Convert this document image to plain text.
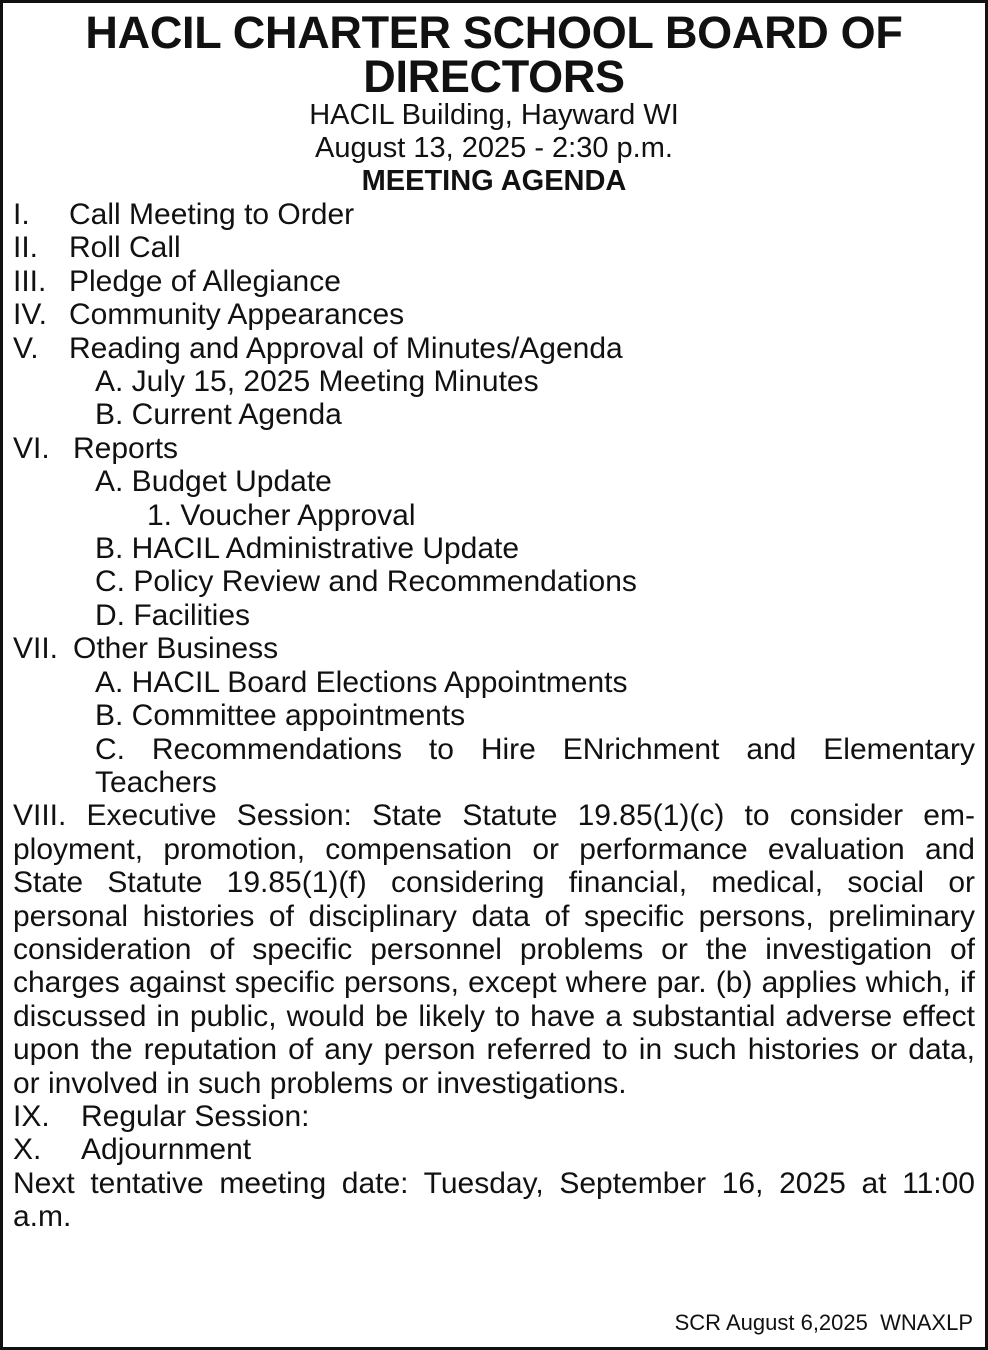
HACIL CHARTER SCHOOL BOARD OF
DIRECTORS
HACIL Building, Hayward WI
August 13, 2025 - 2:30 p.m.
MEETING AGENDA
I. Call Meeting to Order
II. Roll Call
III. Pledge of Allegiance
IV. Community Appearances
V. Reading and Approval of Minutes/Agenda
A. July 15, 2025 Meeting Minutes
B. Current Agenda
VI. Reports
A. Budget Update
1. Voucher Approval
B. HACIL Administrative Update
C. Policy Review and Recommendations
D. Facilities
VII. Other Business
A. HACIL Board Elections Appointments
B. Committee appointments
C. Recommendations to Hire ENrichment and Elementary Teachers
VIII. Executive Session: State Statute 19.85(1)(c) to consider employment, promotion, compensation or performance evaluation and State Statute 19.85(1)(f) considering financial, medical, social or personal histories of disciplinary data of specific persons, preliminary consideration of specific personnel problems or the investigation of charges against specific persons, except where par. (b) applies which, if discussed in public, would be likely to have a substantial adverse effect upon the reputation of any person referred to in such histories or data, or involved in such problems or investigations.
IX. Regular Session:
X. Adjournment
Next tentative meeting date: Tuesday, September 16, 2025 at 11:00 a.m.
SCR August 6,2025  WNAXLP
